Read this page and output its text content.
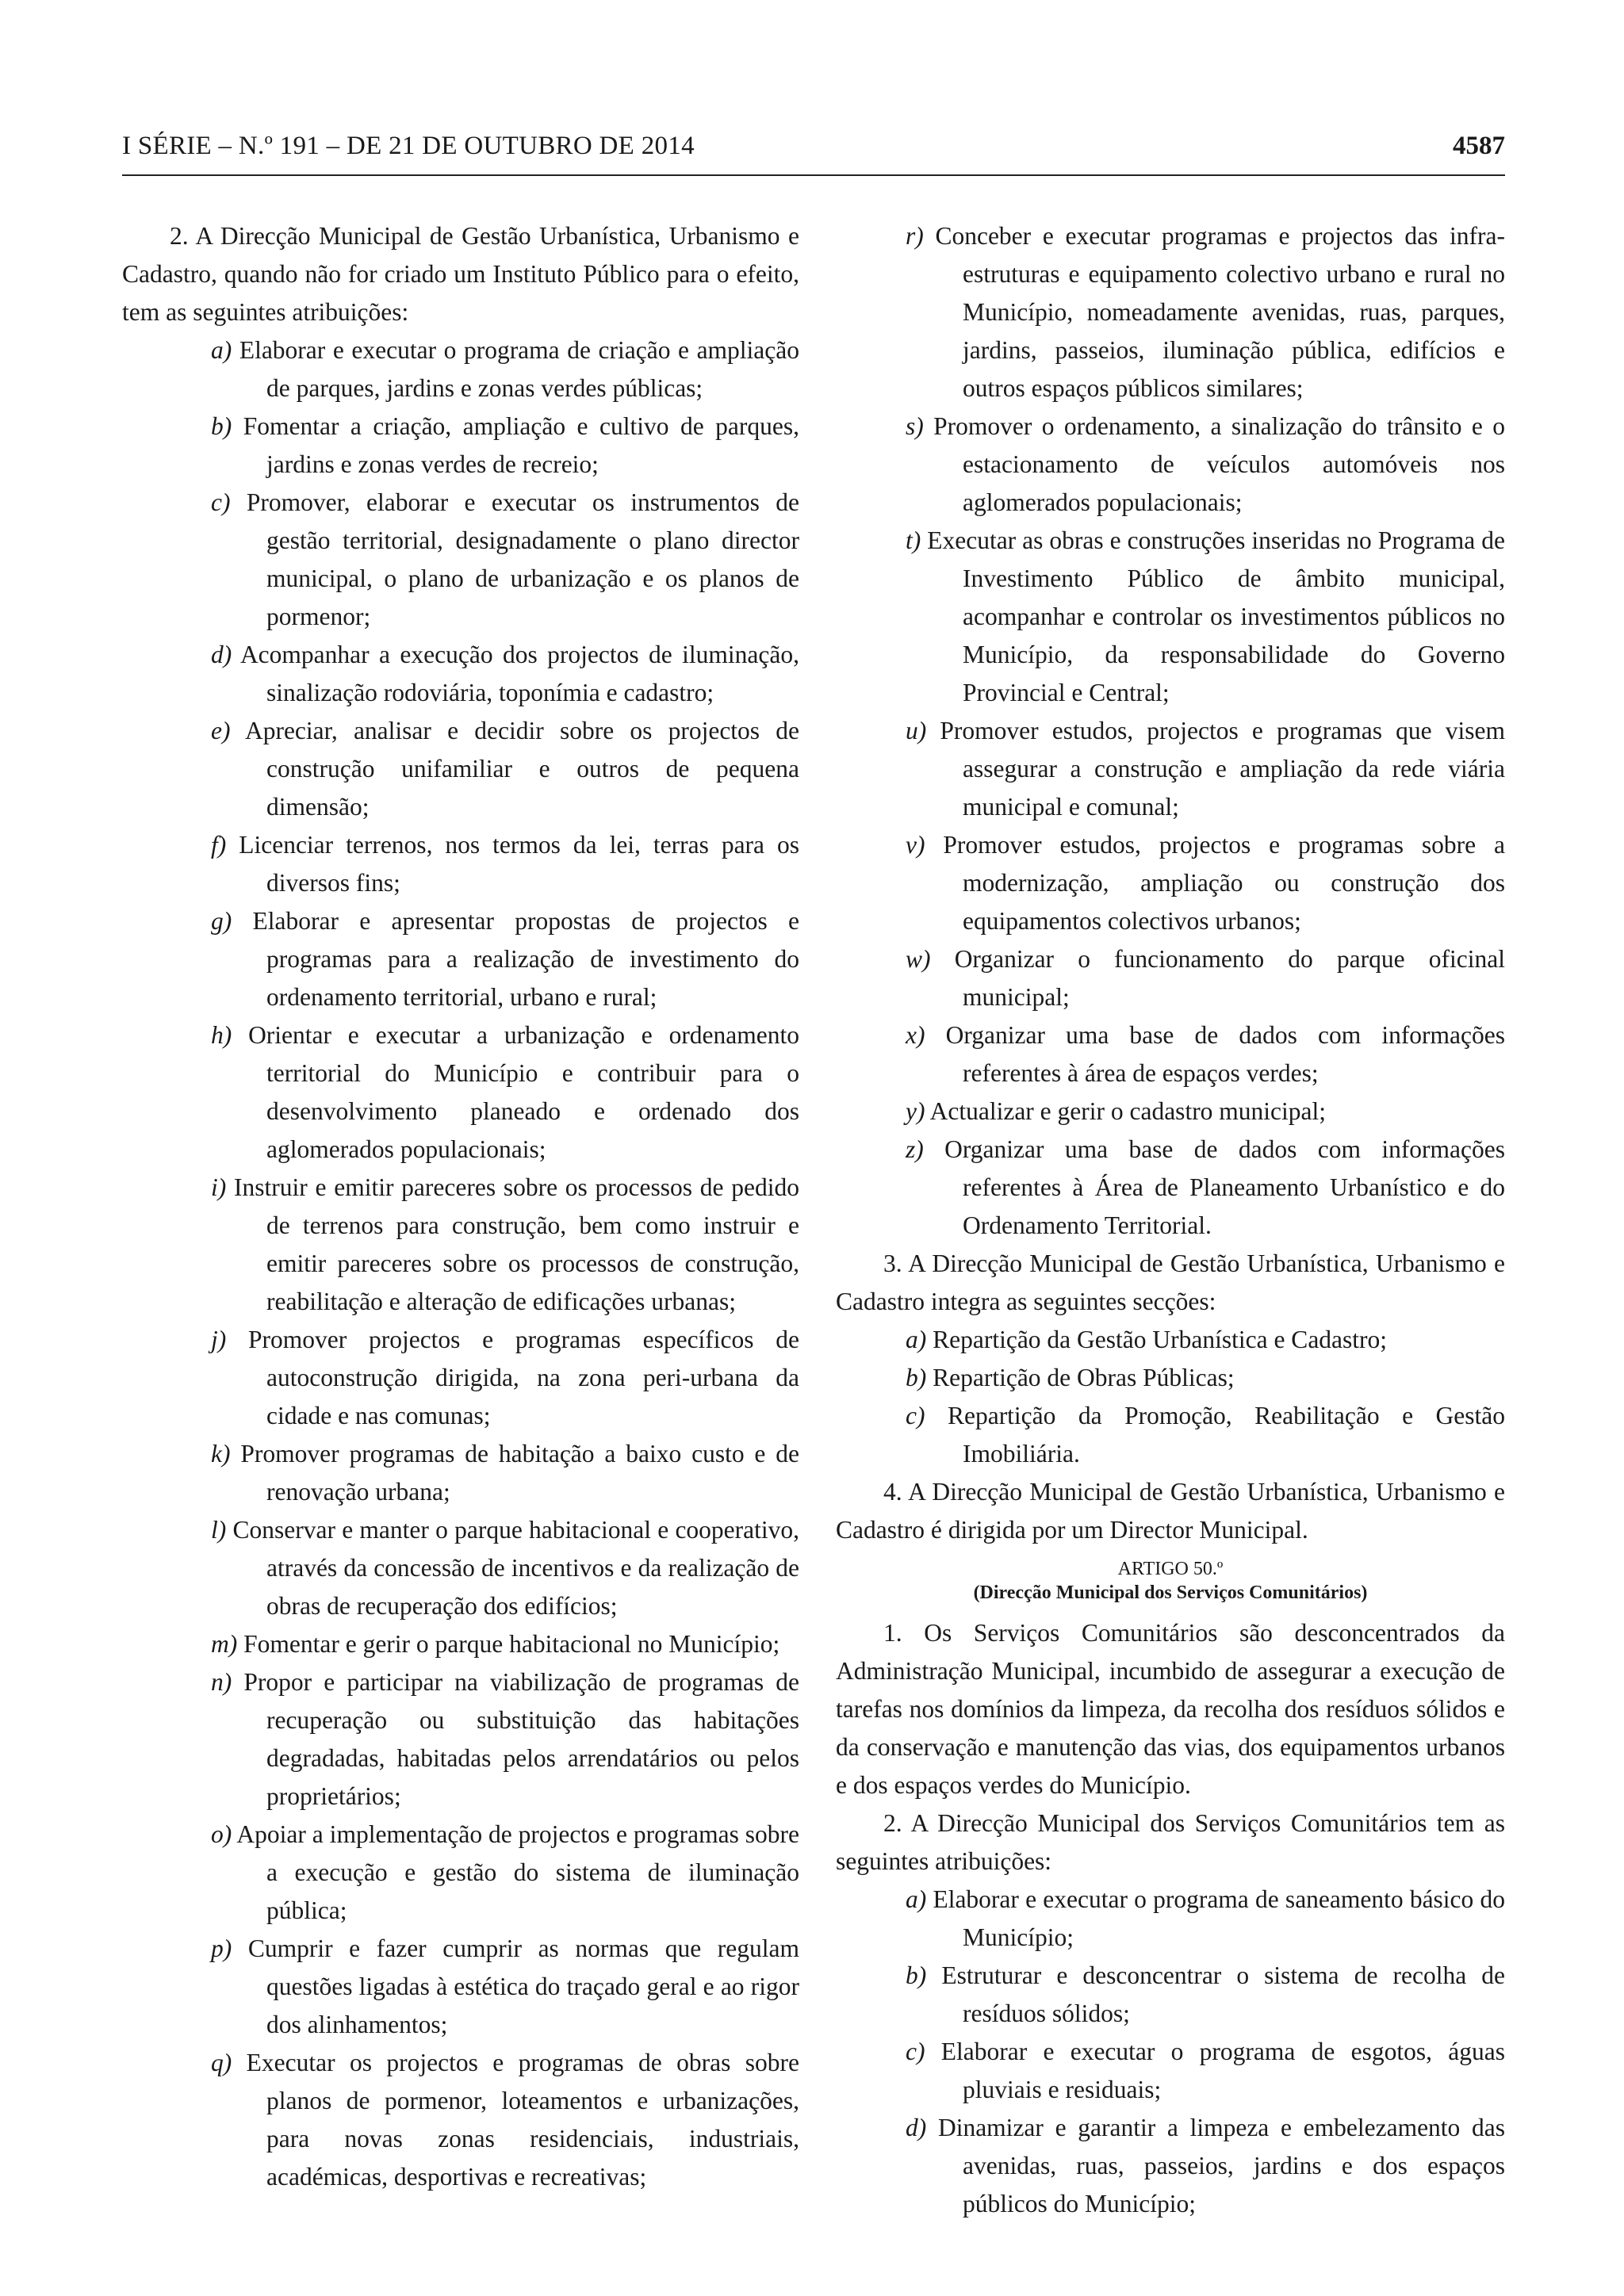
I SÉRIE – N.º 191 – DE 21 DE OUTUBRO DE 2014	4587

2. A Direcção Municipal de Gestão Urbanística, Urbanismo e Cadastro, quando não for criado um Instituto Público para o efeito, tem as seguintes atribuições:

a) Elaborar e executar o programa de criação e ampliação de parques, jardins e zonas verdes públicas;

b) Fomentar a criação, ampliação e cultivo de parques, jardins e zonas verdes de recreio;

c) Promover, elaborar e executar os instrumentos de gestão territorial, designadamente o plano director municipal, o plano de urbanização e os planos de pormenor;

d) Acompanhar a execução dos projectos de iluminação, sinalização rodoviária, toponímia e cadastro;

e) Apreciar, analisar e decidir sobre os projectos de construção unifamiliar e outros de pequena dimensão;

f) Licenciar terrenos, nos termos da lei, terras para os diversos fins;

g) Elaborar e apresentar propostas de projectos e programas para a realização de investimento do ordenamento territorial, urbano e rural;

h) Orientar e executar a urbanização e ordenamento territorial do Município e contribuir para o desenvolvimento planeado e ordenado dos aglomerados populacionais;

i) Instruir e emitir pareceres sobre os processos de pedido de terrenos para construção, bem como instruir e emitir pareceres sobre os processos de construção, reabilitação e alteração de edificações urbanas;

j) Promover projectos e programas específicos de autoconstrução dirigida, na zona peri-urbana da cidade e nas comunas;

k) Promover programas de habitação a baixo custo e de renovação urbana;

l) Conservar e manter o parque habitacional e cooperativo, através da concessão de incentivos e da realização de obras de recuperação dos edifícios;

m) Fomentar e gerir o parque habitacional no Município;

n) Propor e participar na viabilização de programas de recuperação ou substituição das habitações degradadas, habitadas pelos arrendatários ou pelos proprietários;

o) Apoiar a implementação de projectos e programas sobre a execução e gestão do sistema de iluminação pública;

p) Cumprir e fazer cumprir as normas que regulam questões ligadas à estética do traçado geral e ao rigor dos alinhamentos;

q) Executar os projectos e programas de obras sobre planos de pormenor, loteamentos e urbanizações, para novas zonas residenciais, industriais, académicas, desportivas e recreativas;

r) Conceber e executar programas e projectos das infra-estruturas e equipamento colectivo urbano e rural no Município, nomeadamente avenidas, ruas, parques, jardins, passeios, iluminação pública, edifícios e outros espaços públicos similares;

s) Promover o ordenamento, a sinalização do trânsito e o estacionamento de veículos automóveis nos aglomerados populacionais;

t) Executar as obras e construções inseridas no Programa de Investimento Público de âmbito municipal, acompanhar e controlar os investimentos públicos no Município, da responsabilidade do Governo Provincial e Central;

u) Promover estudos, projectos e programas que visem assegurar a construção e ampliação da rede viária municipal e comunal;

v) Promover estudos, projectos e programas sobre a modernização, ampliação ou construção dos equipamentos colectivos urbanos;

w) Organizar o funcionamento do parque oficinal municipal;

x) Organizar uma base de dados com informações referentes à área de espaços verdes;

y) Actualizar e gerir o cadastro municipal;

z) Organizar uma base de dados com informações referentes à Área de Planeamento Urbanístico e do Ordenamento Territorial.

3. A Direcção Municipal de Gestão Urbanística, Urbanismo e Cadastro integra as seguintes secções:

a) Repartição da Gestão Urbanística e Cadastro;

b) Repartição de Obras Públicas;

c) Repartição da Promoção, Reabilitação e Gestão Imobiliária.

4. A Direcção Municipal de Gestão Urbanística, Urbanismo e Cadastro é dirigida por um Director Municipal.

ARTIGO 50.º
(Direcção Municipal dos Serviços Comunitários)

1. Os Serviços Comunitários são desconcentrados da Administração Municipal, incumbido de assegurar a execução de tarefas nos domínios da limpeza, da recolha dos resíduos sólidos e da conservação e manutenção das vias, dos equipamentos urbanos e dos espaços verdes do Município.

2. A Direcção Municipal dos Serviços Comunitários tem as seguintes atribuições:

a) Elaborar e executar o programa de saneamento básico do Município;

b) Estruturar e desconcentrar o sistema de recolha de resíduos sólidos;

c) Elaborar e executar o programa de esgotos, águas pluviais e residuais;

d) Dinamizar e garantir a limpeza e embelezamento das avenidas, ruas, passeios, jardins e dos espaços públicos do Município;
